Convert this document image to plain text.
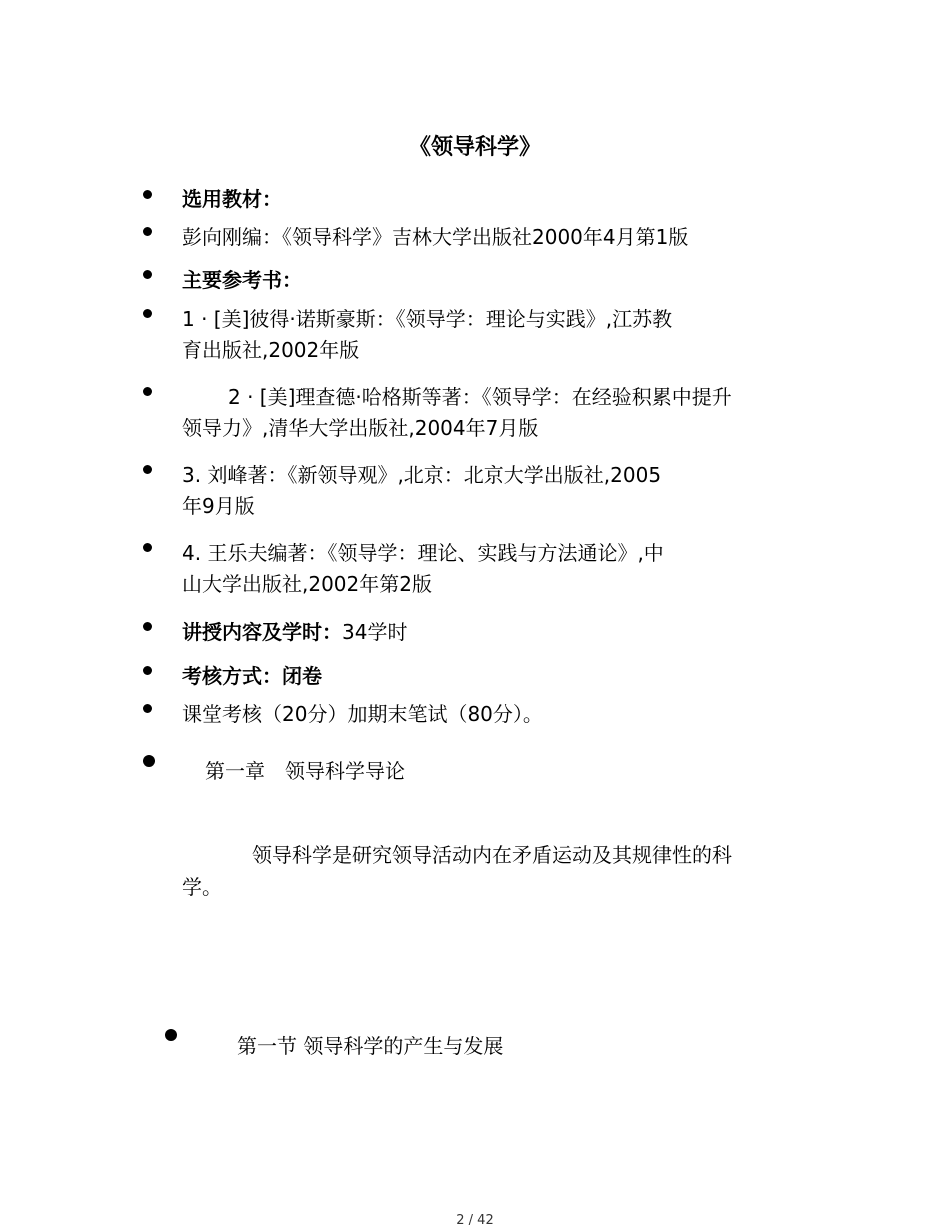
《领导科学》
选用教材：
彭向刚编：《领导科学》吉林大学出版社2000年4月第1版
主要参考书：
1 · [美]彼得·诺斯豪斯：《领导学：理论与实践》,江苏教
育出版社,2002年版
2 · [美]理查德·哈格斯等著：《领导学：在经验积累中提升
领导力》,清华大学出版社,2004年7月版
3. 刘峰著：《新领导观》,北京：北京大学出版社,2005
年9月版
4. 王乐夫编著：《领导学：理论、实践与方法通论》,中
山大学出版社,2002年第2版
讲授内容及学时：34学时
考核方式：闭卷
课堂考核（20分）加期末笔试（80分）。
第一章　领导科学导论
领导科学是研究领导活动内在矛盾运动及其规律性的科
学。
第一节 领导科学的产生与发展
2 / 42
